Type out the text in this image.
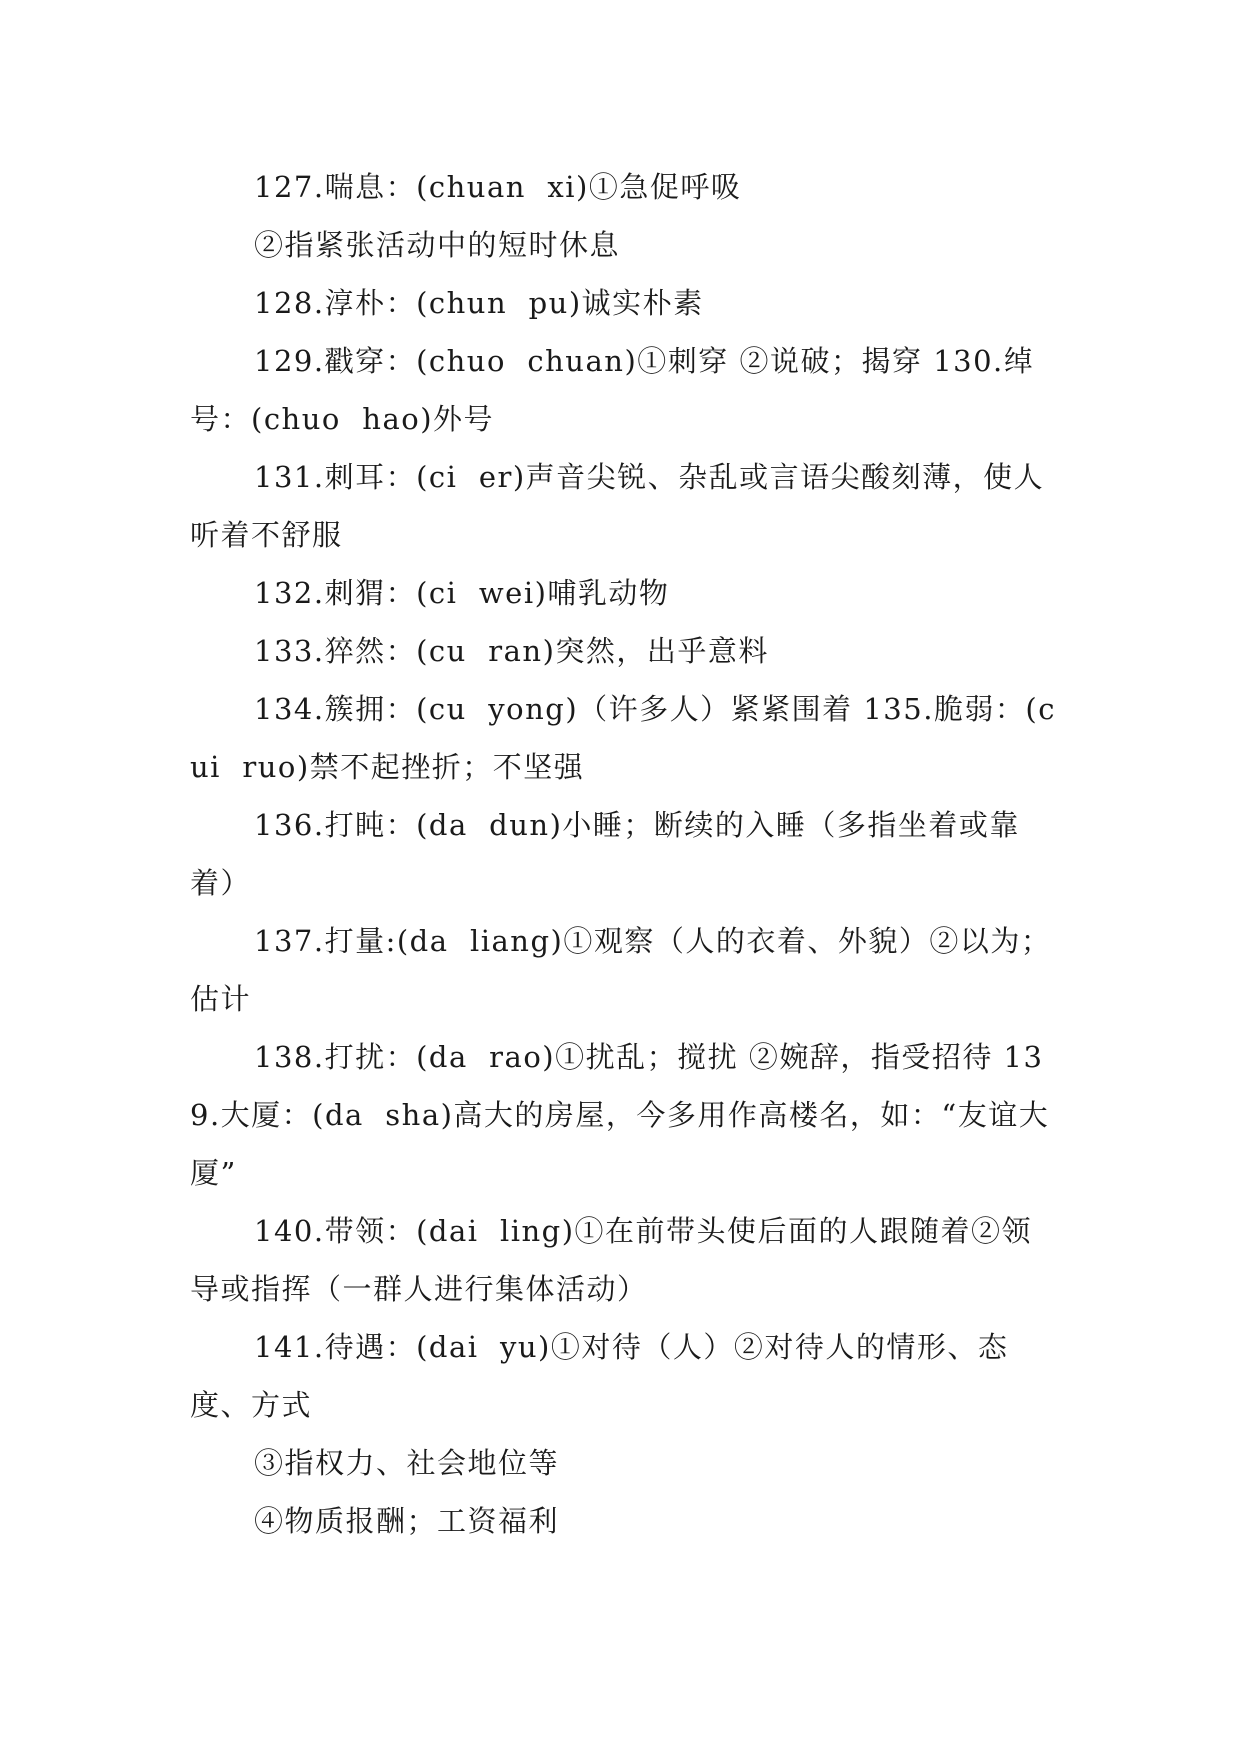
127.喘息：(chuan  xi)①急促呼吸

②指紧张活动中的短时休息

128.淳朴：(chun  pu)诚实朴素

129.戳穿：(chuo  chuan)①刺穿 ②说破；揭穿 130.绰号：(chuo  hao)外号

131.刺耳：(ci  er)声音尖锐、杂乱或言语尖酸刻薄，使人听着不舒服

132.刺猬：(ci  wei)哺乳动物

133.猝然：(cu  ran)突然，出乎意料

134.簇拥：(cu  yong)（许多人）紧紧围着 135.脆弱：(cui  ruo)禁不起挫折；不坚强

136.打盹：(da  dun)小睡；断续的入睡（多指坐着或靠着）

137.打量:(da  liang)①观察（人的衣着、外貌）②以为；估计

138.打扰：(da  rao)①扰乱；搅扰 ②婉辞，指受招待 139.大厦：(da  sha)高大的房屋，今多用作高楼名，如：“友谊大厦”

140.带领：(dai  ling)①在前带头使后面的人跟随着②领导或指挥（一群人进行集体活动）

141.待遇：(dai  yu)①对待（人）②对待人的情形、态度、方式

③指权力、社会地位等

④物质报酬；工资福利
